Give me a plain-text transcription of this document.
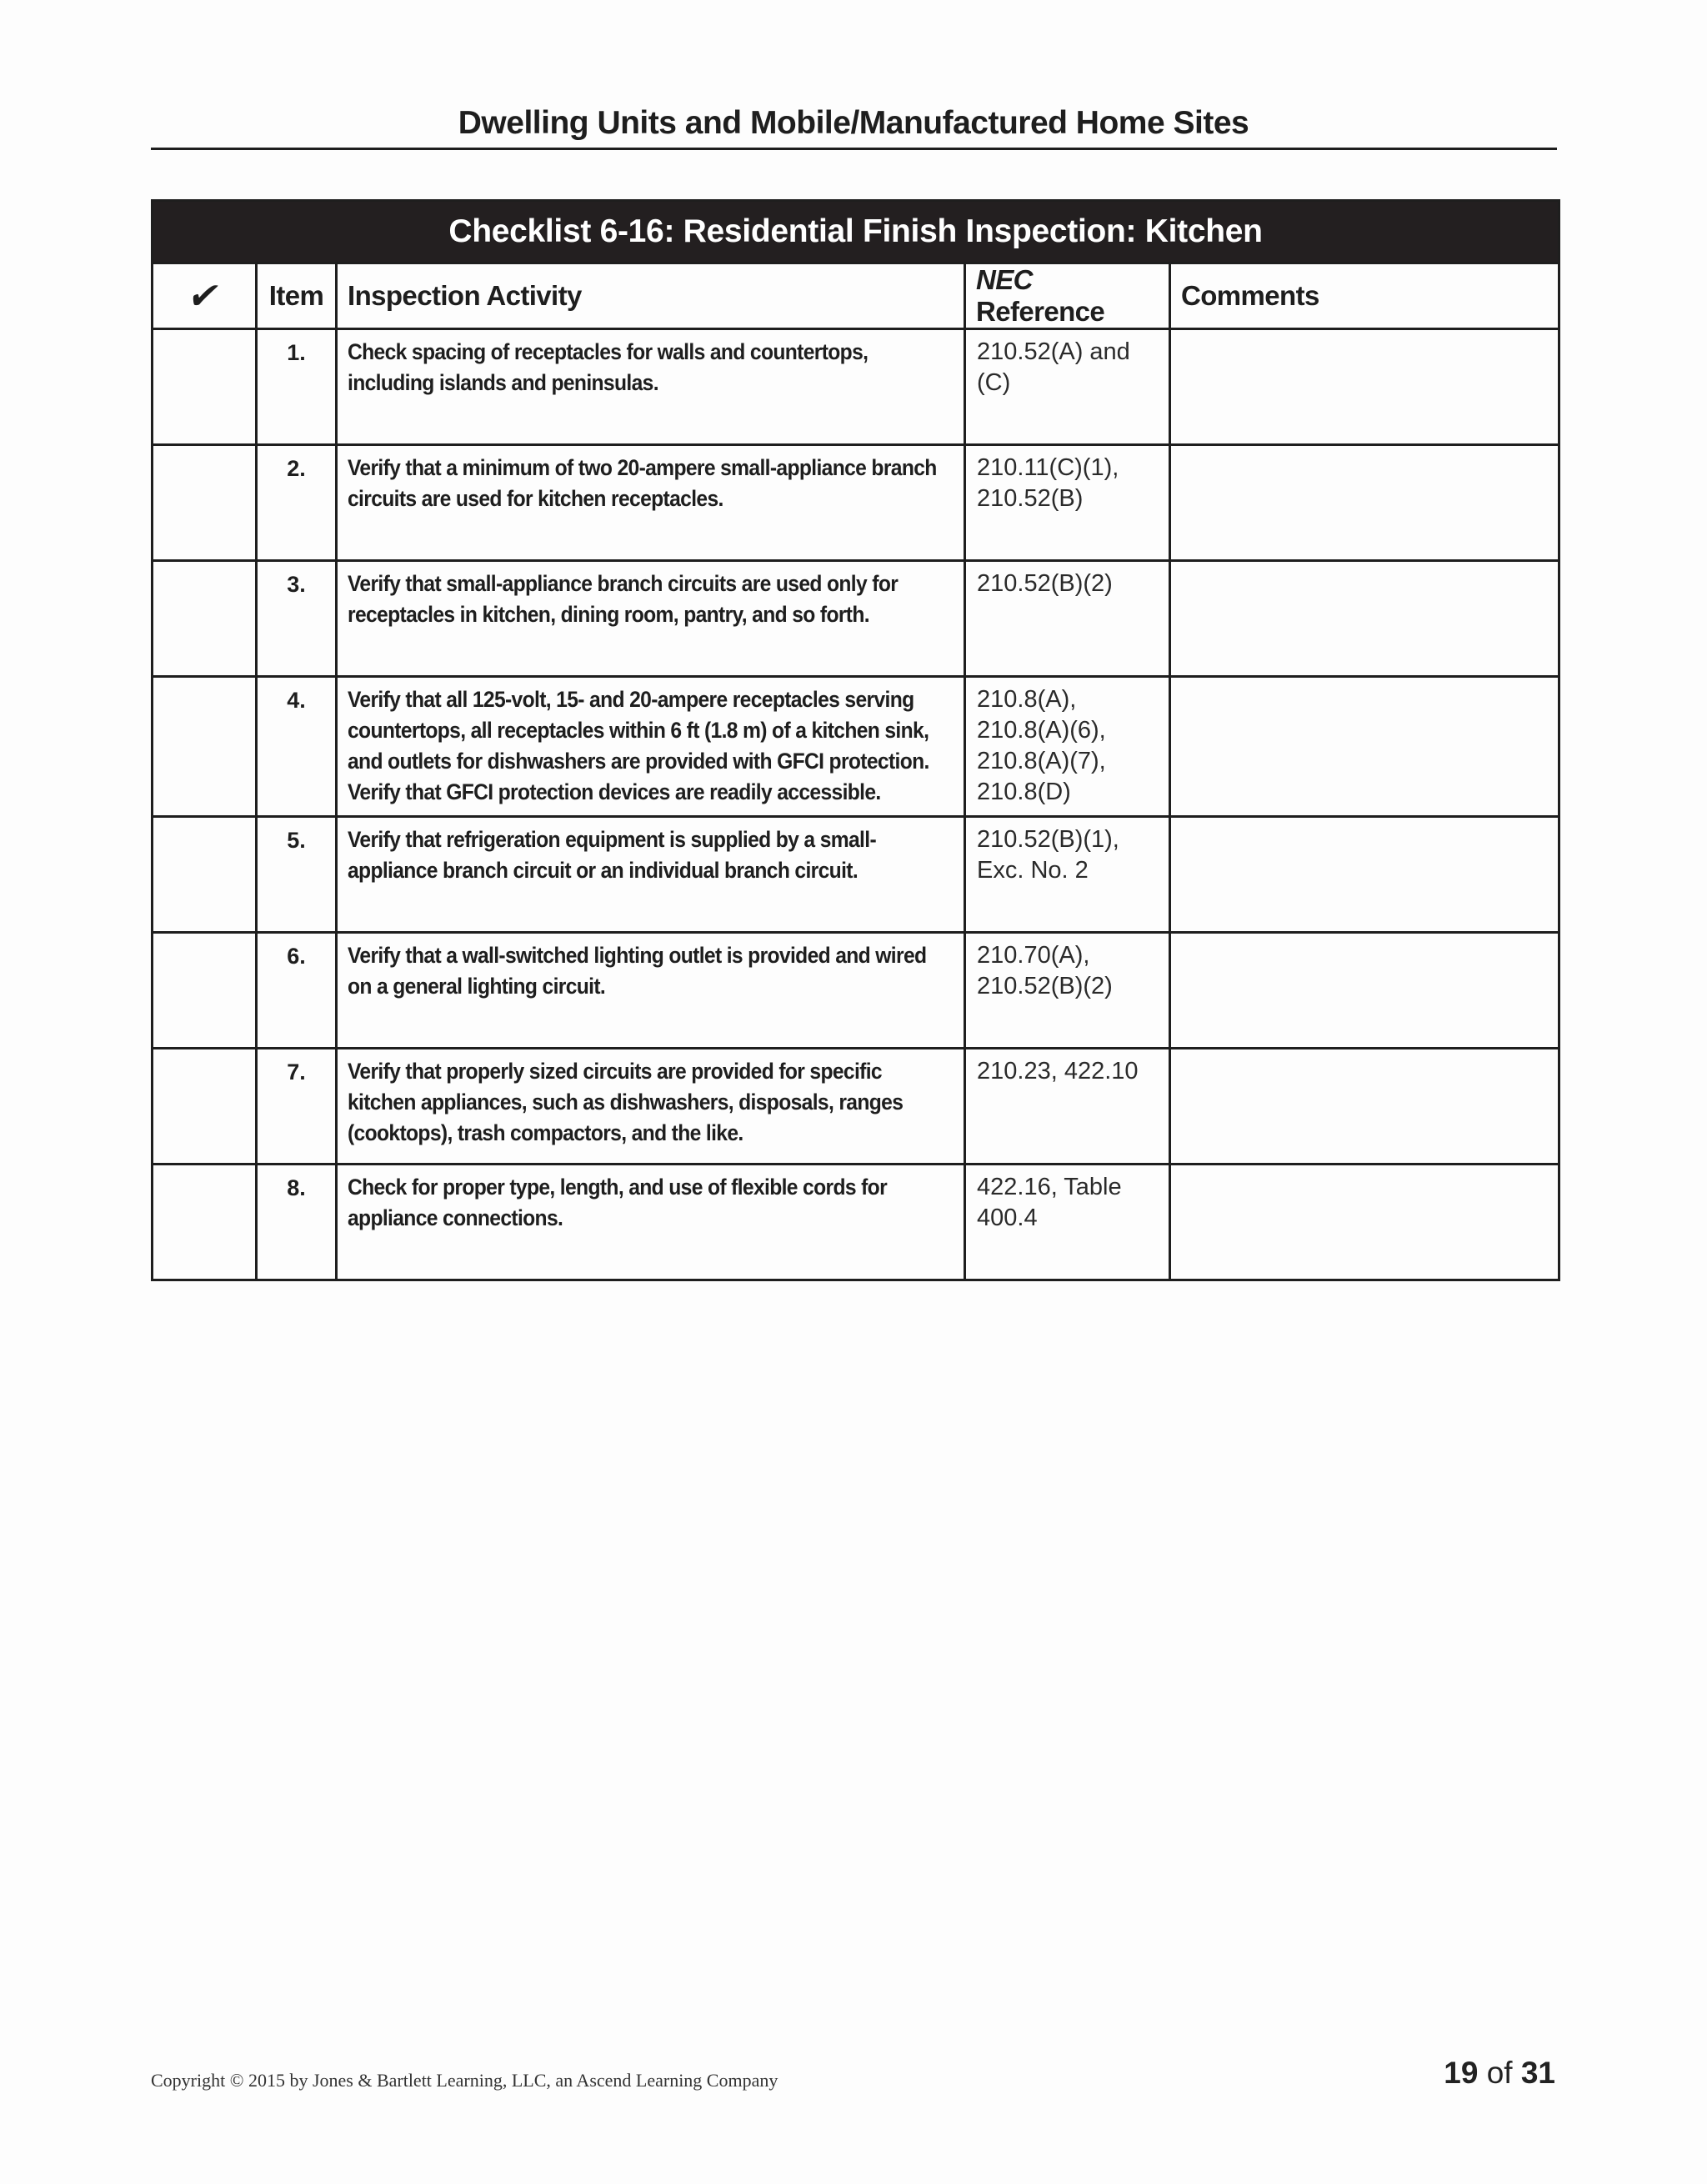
Dwelling Units and Mobile/Manufactured Home Sites
Checklist 6-16: Residential Finish Inspection: Kitchen				
✔	Item	Inspection Activity	NEC Reference	Comments
	1.	Check spacing of receptacles for walls and countertops, including islands and peninsulas.	210.52(A) and (C)	
	2.	Verify that a minimum of two 20-ampere small-appliance branch circuits are used for kitchen receptacles.	210.11(C)(1), 210.52(B)	
	3.	Verify that small-appliance branch circuits are used only for receptacles in kitchen, dining room, pantry, and so forth.	210.52(B)(2)	
	4.	Verify that all 125-volt, 15- and 20-ampere receptacles serving countertops, all receptacles within 6 ft (1.8 m) of a kitchen sink, and outlets for dishwashers are provided with GFCI protection. Verify that GFCI protection devices are readily accessible.	210.8(A), 210.8(A)(6), 210.8(A)(7), 210.8(D)	
	5.	Verify that refrigeration equipment is supplied by a small-appliance branch circuit or an individual branch circuit.	210.52(B)(1), Exc. No. 2	
	6.	Verify that a wall-switched lighting outlet is provided and wired on a general lighting circuit.	210.70(A), 210.52(B)(2)	
	7.	Verify that properly sized circuits are provided for specific kitchen appliances, such as dishwashers, disposals, ranges (cooktops), trash compactors, and the like.	210.23, 422.10	
	8.	Check for proper type, length, and use of flexible cords for appliance connections.	422.16, Table 400.4	
Copyright © 2015 by Jones & Bartlett Learning, LLC, an Ascend Learning Company	19 of 31
